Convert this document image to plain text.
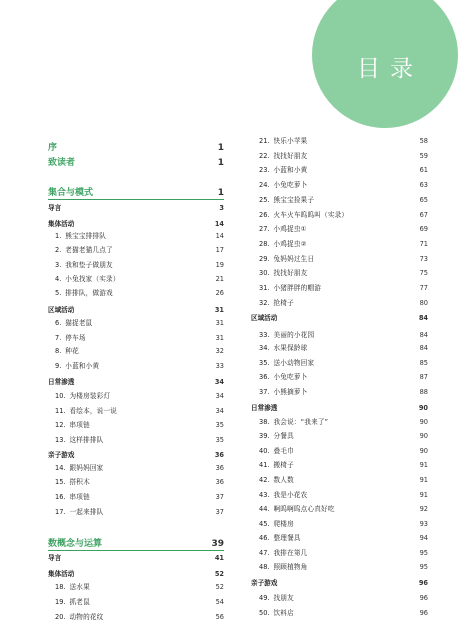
目录
序	1
致读者	1
集合与模式	1
导言	3
集体活动	14
1. 熊宝宝排排队	14
2. 老猫老猫几点了	17
3. 我和垫子做朋友	19
4. 小兔找家（实录）	21
5. 排排队，做游戏	26
区域活动	31
6. 猫捉老鼠	31
7. 停车场	31
8. 种花	32
9. 小蓝和小黄	33
日常渗透	34
10. 为楼房装彩灯	34
11. 看绘本，说一说	34
12. 串项链	35
13. 这样排排队	35
亲子游戏	36
14. 跟妈妈回家	36
15. 搭积木	36
16. 串项链	37
17. 一起来排队	37
数概念与运算	39
导言	41
集体活动	52
18. 送水果	52
19. 抓老鼠	54
20. 动物的花纹	56
21. 快乐小苹果	58
22. 找找好朋友	59
23. 小蓝和小黄	61
24. 小兔吃萝卜	63
25. 熊宝宝捡果子	65
26. 火车火车呜呜叫（实录）	67
27. 小鸡捉虫①	69
28. 小鸡捉虫②	71
29. 兔妈妈过生日	73
30. 找找好朋友	75
31. 小猪胖胖的帽游	77
32. 抢椅子	80
区域活动	84
33. 美丽的小花园	84
34. 水果保龄球	84
35. 送小动物回家	85
36. 小兔吃萝卜	87
37. 小熊摘萝卜	88
日常渗透	90
38. 我会说：“我来了”	90
39. 分餐具	90
40. 叠毛巾	90
41. 搬椅子	91
42. 数人数	91
43. 我是小花农	91
44. 啊呜啊呜点心真好吃	92
45. 爬楼房	93
46. 整理餐具	94
47. 我排在第几	95
48. 照顾植物角	95
亲子游戏	96
49. 找朋友	96
50. 饮料店	96
